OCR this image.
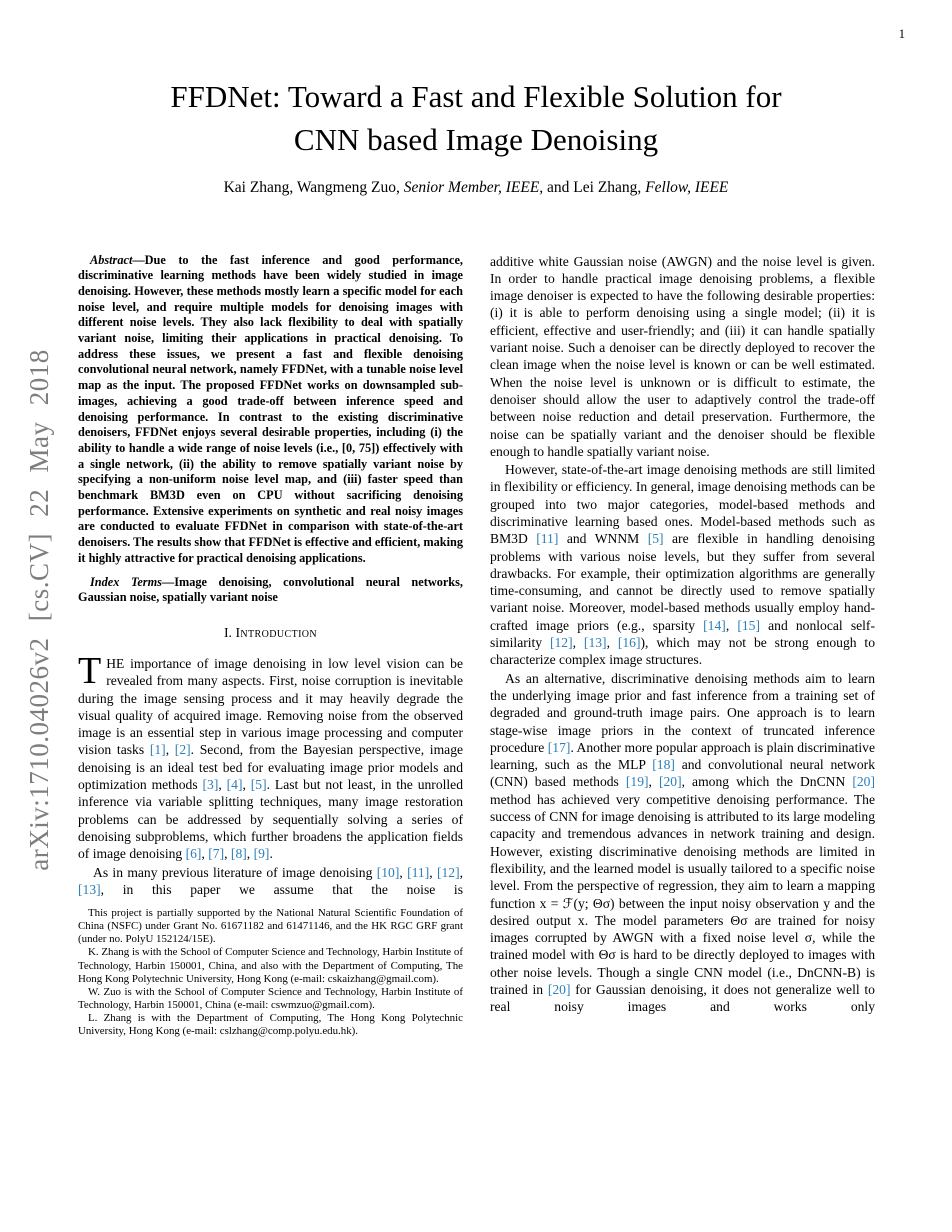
1
arXiv:1710.04026v2 [cs.CV] 22 May 2018
FFDNet: Toward a Fast and Flexible Solution for
CNN based Image Denoising
Kai Zhang, Wangmeng Zuo, Senior Member, IEEE, and Lei Zhang, Fellow, IEEE

Abstract—Due to the fast inference and good performance, discriminative learning methods have been widely studied in image denoising. However, these methods mostly learn a specific model for each noise level, and require multiple models for denoising images with different noise levels. They also lack flexibility to deal with spatially variant noise, limiting their applications in practical denoising. To address these issues, we present a fast and flexible denoising convolutional neural network, namely FFDNet, with a tunable noise level map as the input. The proposed FFDNet works on downsampled sub-images, achieving a good trade-off between inference speed and denoising performance. In contrast to the existing discriminative denoisers, FFDNet enjoys several desirable properties, including (i) the ability to handle a wide range of noise levels (i.e., [0, 75]) effectively with a single network, (ii) the ability to remove spatially variant noise by specifying a non-uniform noise level map, and (iii) faster speed than benchmark BM3D even on CPU without sacrificing denoising performance. Extensive experiments on synthetic and real noisy images are conducted to evaluate FFDNet in comparison with state-of-the-art denoisers. The results show that FFDNet is effective and efficient, making it highly attractive for practical denoising applications.

Index Terms—Image denoising, convolutional neural networks, Gaussian noise, spatially variant noise

I. Introduction

THE importance of image denoising in low level vision can be revealed from many aspects. First, noise corruption is inevitable during the image sensing process and it may heavily degrade the visual quality of acquired image. Removing noise from the observed image is an essential step in various image processing and computer vision tasks [1], [2]. Second, from the Bayesian perspective, image denoising is an ideal test bed for evaluating image prior models and optimization methods [3], [4], [5]. Last but not least, in the unrolled inference via variable splitting techniques, many image restoration problems can be addressed by sequentially solving a series of denoising subproblems, which further broadens the application fields of image denoising [6], [7], [8], [9].

As in many previous literature of image denoising [10], [11], [12], [13], in this paper we assume that the noise is

This project is partially supported by the National Natural Scientific Foundation of China (NSFC) under Grant No. 61671182 and 61471146, and the HK RGC GRF grant (under no. PolyU 152124/15E).

K. Zhang is with the School of Computer Science and Technology, Harbin Institute of Technology, Harbin 150001, China, and also with the Department of Computing, The Hong Kong Polytechnic University, Hong Kong (e-mail: cskaizhang@gmail.com).

W. Zuo is with the School of Computer Science and Technology, Harbin Institute of Technology, Harbin 150001, China (e-mail: cswmzuo@gmail.com).

L. Zhang is with the Department of Computing, The Hong Kong Polytechnic University, Hong Kong (e-mail: cslzhang@comp.polyu.edu.hk).

additive white Gaussian noise (AWGN) and the noise level is given. In order to handle practical image denoising problems, a flexible image denoiser is expected to have the following desirable properties: (i) it is able to perform denoising using a single model; (ii) it is efficient, effective and user-friendly; and (iii) it can handle spatially variant noise. Such a denoiser can be directly deployed to recover the clean image when the noise level is known or can be well estimated. When the noise level is unknown or is difficult to estimate, the denoiser should allow the user to adaptively control the trade-off between noise reduction and detail preservation. Furthermore, the noise can be spatially variant and the denoiser should be flexible enough to handle spatially variant noise.

However, state-of-the-art image denoising methods are still limited in flexibility or efficiency. In general, image denoising methods can be grouped into two major categories, model-based methods and discriminative learning based ones. Model-based methods such as BM3D [11] and WNNM [5] are flexible in handling denoising problems with various noise levels, but they suffer from several drawbacks. For example, their optimization algorithms are generally time-consuming, and cannot be directly used to remove spatially variant noise. Moreover, model-based methods usually employ hand-crafted image priors (e.g., sparsity [14], [15] and nonlocal self-similarity [12], [13], [16]), which may not be strong enough to characterize complex image structures.

As an alternative, discriminative denoising methods aim to learn the underlying image prior and fast inference from a training set of degraded and ground-truth image pairs. One approach is to learn stage-wise image priors in the context of truncated inference procedure [17]. Another more popular approach is plain discriminative learning, such as the MLP [18] and convolutional neural network (CNN) based methods [19], [20], among which the DnCNN [20] method has achieved very competitive denoising performance. The success of CNN for image denoising is attributed to its large modeling capacity and tremendous advances in network training and design. However, existing discriminative denoising methods are limited in flexibility, and the learned model is usually tailored to a specific noise level. From the perspective of regression, they aim to learn a mapping function x = ℱ(y; Θσ) between the input noisy observation y and the desired output x. The model parameters Θσ are trained for noisy images corrupted by AWGN with a fixed noise level σ, while the trained model with Θσ is hard to be directly deployed to images with other noise levels. Though a single CNN model (i.e., DnCNN-B) is trained in [20] for Gaussian denoising, it does not generalize well to real noisy images and works only
